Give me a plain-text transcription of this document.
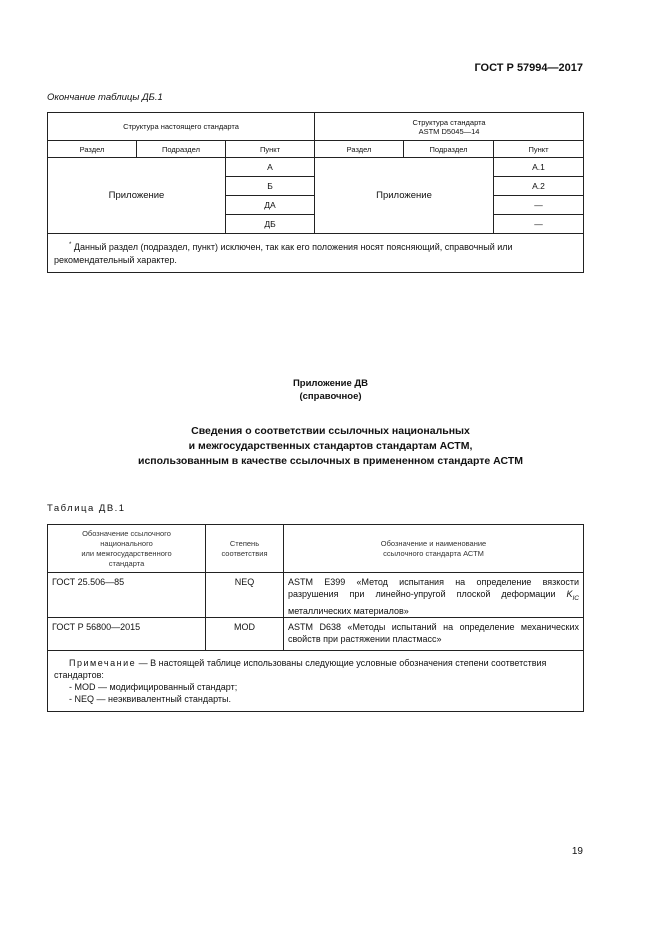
ГОСТ Р 57994—2017
Окончание таблицы ДБ.1
Структура настоящего стандарта			Структура стандарта
ASTM D5045—14		
Раздел	Подраздел	Пункт	Раздел	Подраздел	Пункт
Приложение		А	Приложение		А.1
		Б			А.2
		ДА			—
		ДБ			—
* Данный раздел (подраздел, пункт) исключен, так как его положения носят поясняющий, справочный или рекомендательный характер.					
Приложение ДВ
(справочное)
Сведения о соответствии ссылочных национальных
и межгосударственных стандартов стандартам АСТМ,
использованным в качестве ссылочных в примененном стандарте АСТМ
Таблица ДВ.1
Обозначение ссылочного
национального
или межгосударственного
стандарта	Степень
соответствия	Обозначение и наименование
ссылочного стандарта АСТМ
ГОСТ 25.506—85	NEQ	ASTM E399 «Метод испытания на определение вязкости разрушения при линейно-упругой плоской деформации $K_{IC}$ металлических материалов»
ГОСТ Р 56800—2015	MOD	ASTM D638 «Методы испытаний на определение механических свойств при растяжении пластмасс»
Примечание — В настоящей таблице использованы следующие условные обозначения степени соответствия стандартов:
- MOD — модифицированный стандарт;
- NEQ — неэквивалентный стандарты.		
19
